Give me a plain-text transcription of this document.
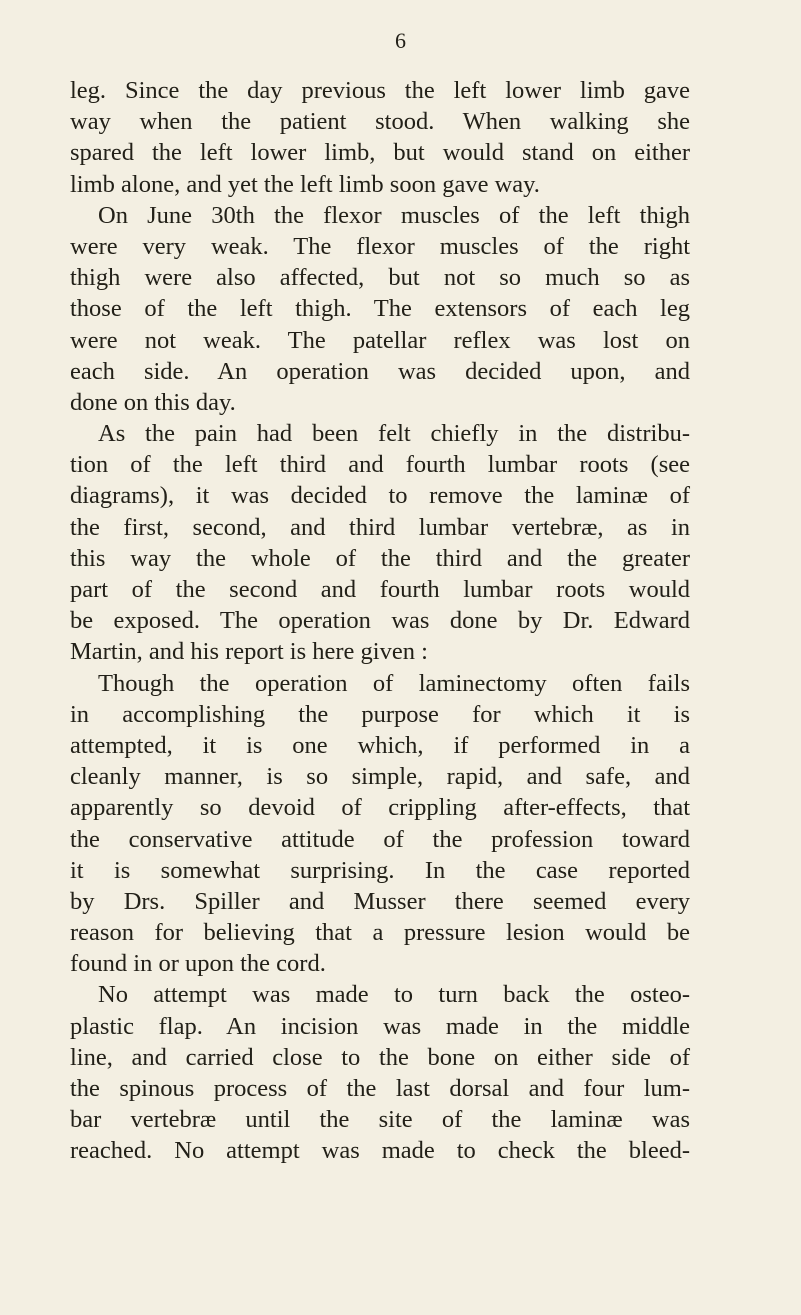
6
leg. Since the day previous the left lower limb gave
way when the patient stood. When walking she
spared the left lower limb, but would stand on either
limb alone, and yet the left limb soon gave way.
On June 30th the flexor muscles of the left thigh
were very weak. The flexor muscles of the right
thigh were also affected, but not so much so as
those of the left thigh. The extensors of each leg
were not weak. The patellar reflex was lost on
each side. An operation was decided upon, and
done on this day.
As the pain had been felt chiefly in the distribu-
tion of the left third and fourth lumbar roots (see
diagrams), it was decided to remove the laminæ of
the first, second, and third lumbar vertebræ, as in
this way the whole of the third and the greater
part of the second and fourth lumbar roots would
be exposed. The operation was done by Dr. Edward
Martin, and his report is here given :
Though the operation of laminectomy often fails
in accomplishing the purpose for which it is
attempted, it is one which, if performed in a
cleanly manner, is so simple, rapid, and safe, and
apparently so devoid of crippling after-effects, that
the conservative attitude of the profession toward
it is somewhat surprising. In the case reported
by Drs. Spiller and Musser there seemed every
reason for believing that a pressure lesion would be
found in or upon the cord.
No attempt was made to turn back the osteo-
plastic flap. An incision was made in the middle
line, and carried close to the bone on either side of
the spinous process of the last dorsal and four lum-
bar vertebræ until the site of the laminæ was
reached. No attempt was made to check the bleed-
